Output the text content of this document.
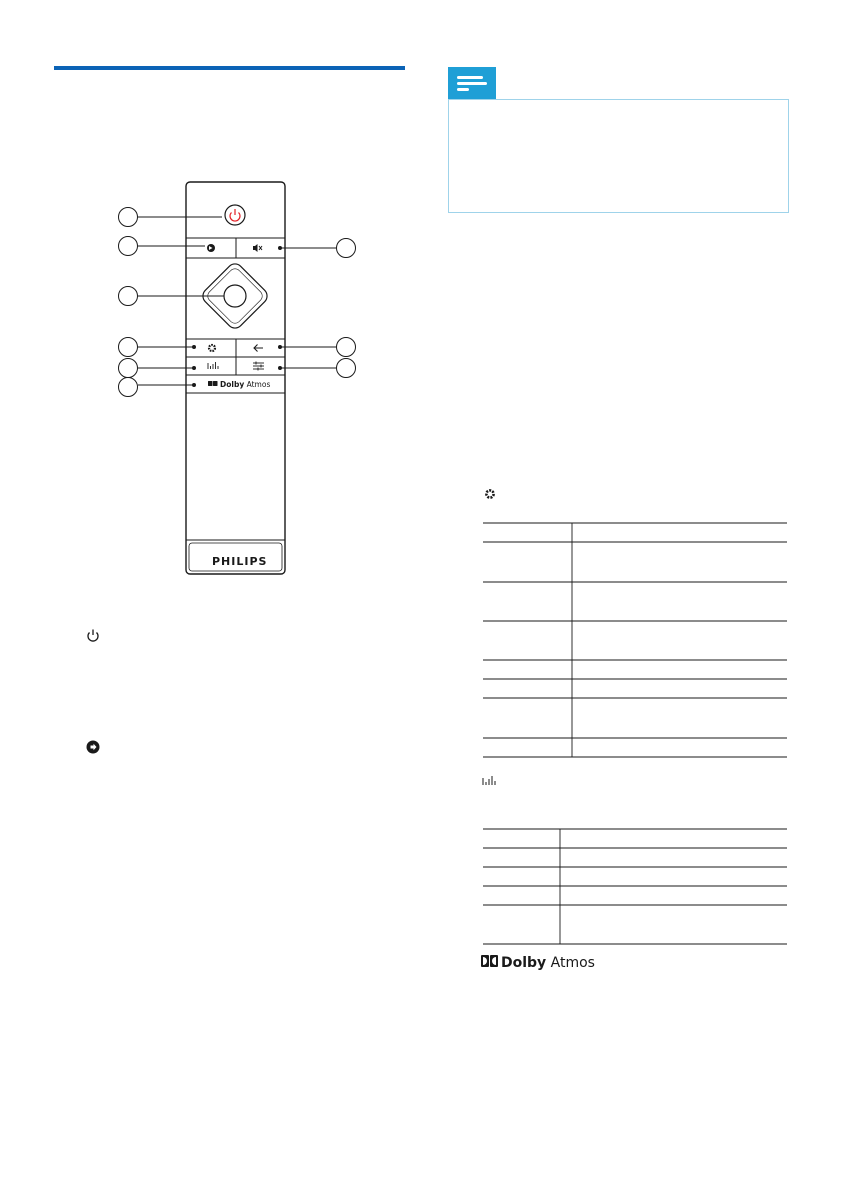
PHILIPS
Dolby Atmos
Dolby Atmos
